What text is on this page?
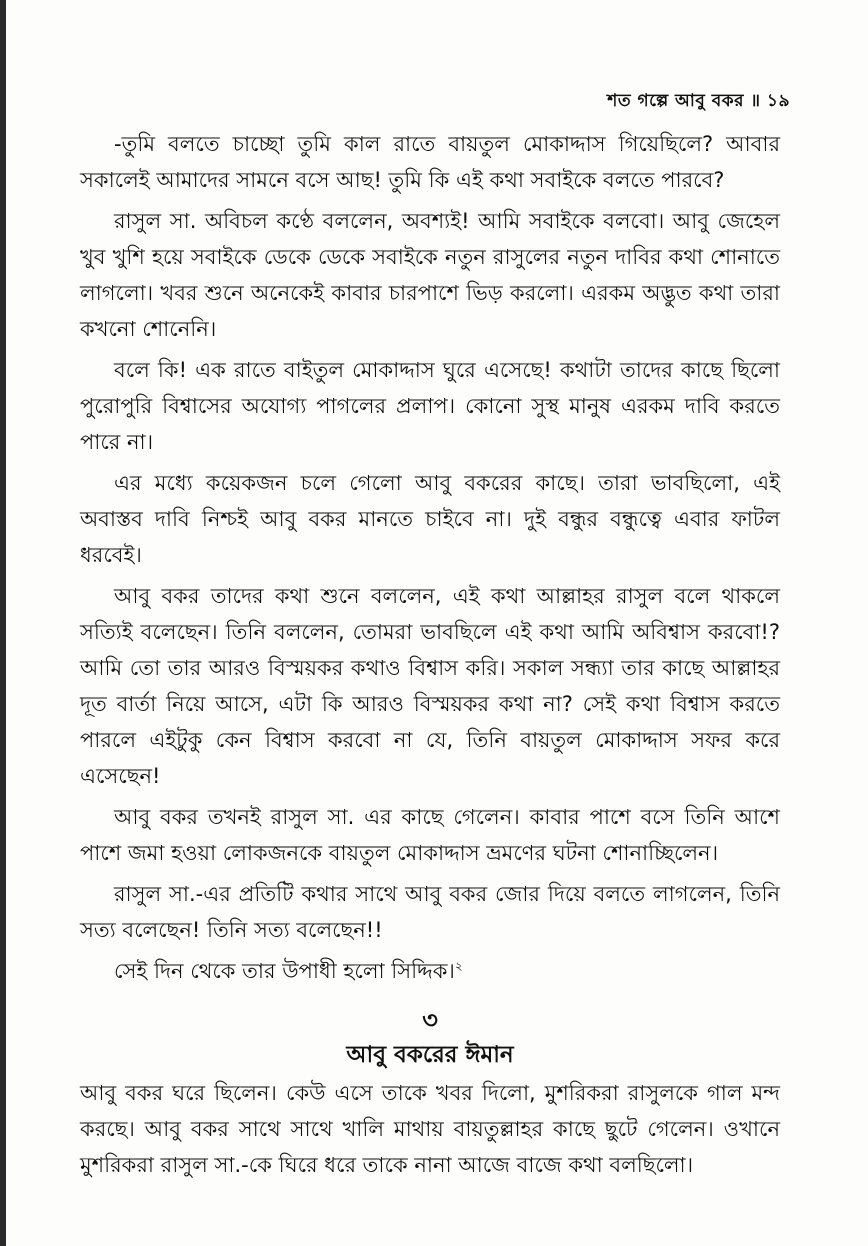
শত গল্পে আবু বকর ॥ ১৯

-তুমি বলতে চাচ্ছো তুমি কাল রাতে বায়তুল মোকাদ্দাস গিয়েছিলে? আবার সকালেই আমাদের সামনে বসে আছ! তুমি কি এই কথা সবাইকে বলতে পারবে?

রাসুল সা. অবিচল কণ্ঠে বললেন, অবশ্যই! আমি সবাইকে বলবো। আবু জেহেল খুব খুশি হয়ে সবাইকে ডেকে ডেকে সবাইকে নতুন রাসুলের নতুন দাবির কথা শোনাতে লাগলো। খবর শুনে অনেকেই কাবার চারপাশে ভিড় করলো। এরকম অদ্ভুত কথা তারা কখনো শোনেনি।

বলে কি! এক রাতে বাইতুল মোকাদ্দাস ঘুরে এসেছে! কথাটা তাদের কাছে ছিলো পুরোপুরি বিশ্বাসের অযোগ্য পাগলের প্রলাপ। কোনো সুস্থ মানুষ এরকম দাবি করতে পারে না।

এর মধ্যে কয়েকজন চলে গেলো আবু বকরের কাছে। তারা ভাবছিলো, এই অবাস্তব দাবি নিশ্চই আবু বকর মানতে চাইবে না। দুই বন্ধুর বন্ধুত্বে এবার ফাটল ধরবেই।

আবু বকর তাদের কথা শুনে বললেন, এই কথা আল্লাহর রাসুল বলে থাকলে সত্যিই বলেছেন। তিনি বললেন, তোমরা ভাবছিলে এই কথা আমি অবিশ্বাস করবো!? আমি তো তার আরও বিস্ময়কর কথাও বিশ্বাস করি। সকাল সন্ধ্যা তার কাছে আল্লাহর দূত বার্তা নিয়ে আসে, এটা কি আরও বিস্ময়কর কথা না? সেই কথা বিশ্বাস করতে পারলে এইটুকু কেন বিশ্বাস করবো না যে, তিনি বায়তুল মোকাদ্দাস সফর করে এসেছেন!

আবু বকর তখনই রাসুল সা. এর কাছে গেলেন। কাবার পাশে বসে তিনি আশে পাশে জমা হওয়া লোকজনকে বায়তুল মোকাদ্দাস ভ্রমণের ঘটনা শোনাচ্ছিলেন।

রাসুল সা.-এর প্রতিটি কথার সাথে আবু বকর জোর দিয়ে বলতে লাগলেন, তিনি সত্য বলেছেন! তিনি সত্য বলেছেন!!

সেই দিন থেকে তার উপাধী হলো সিদ্দিক।$^২$

৩
আবু বকরের ঈমান

আবু বকর ঘরে ছিলেন। কেউ এসে তাকে খবর দিলো, মুশরিকরা রাসুলকে গাল মন্দ করছে। আবু বকর সাথে সাথে খালি মাথায় বায়তুল্লাহর কাছে ছুটে গেলেন। ওখানে মুশরিকরা রাসুল সা.-কে ঘিরে ধরে তাকে নানা আজে বাজে কথা বলছিলো।
